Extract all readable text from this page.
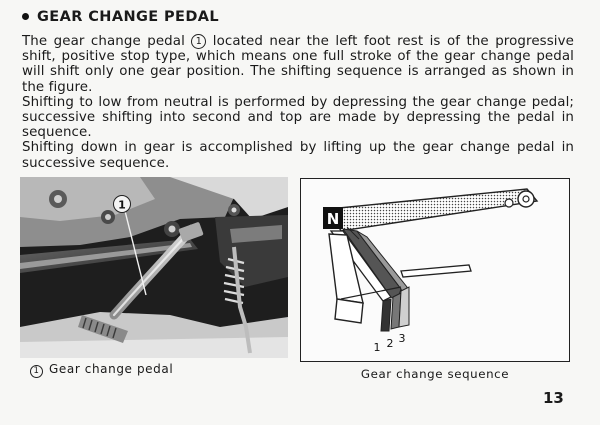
GEAR CHANGE PEDAL

The gear change pedal 1 located near the left foot rest is of the progressive shift, positive stop type, which means one full stroke of the gear change pedal will shift only one gear position. The shifting sequence is arranged as shown in the figure.

Shifting to low from neutral is performed by depressing the gear change pedal; successive shifting into second and top are made by depressing the pedal in sequence.

Shifting down in gear is accomplished by lifting up the gear change pedal in successive sequence.

1
N
1 2 3
1 Gear change pedal	Gear change sequence
13
